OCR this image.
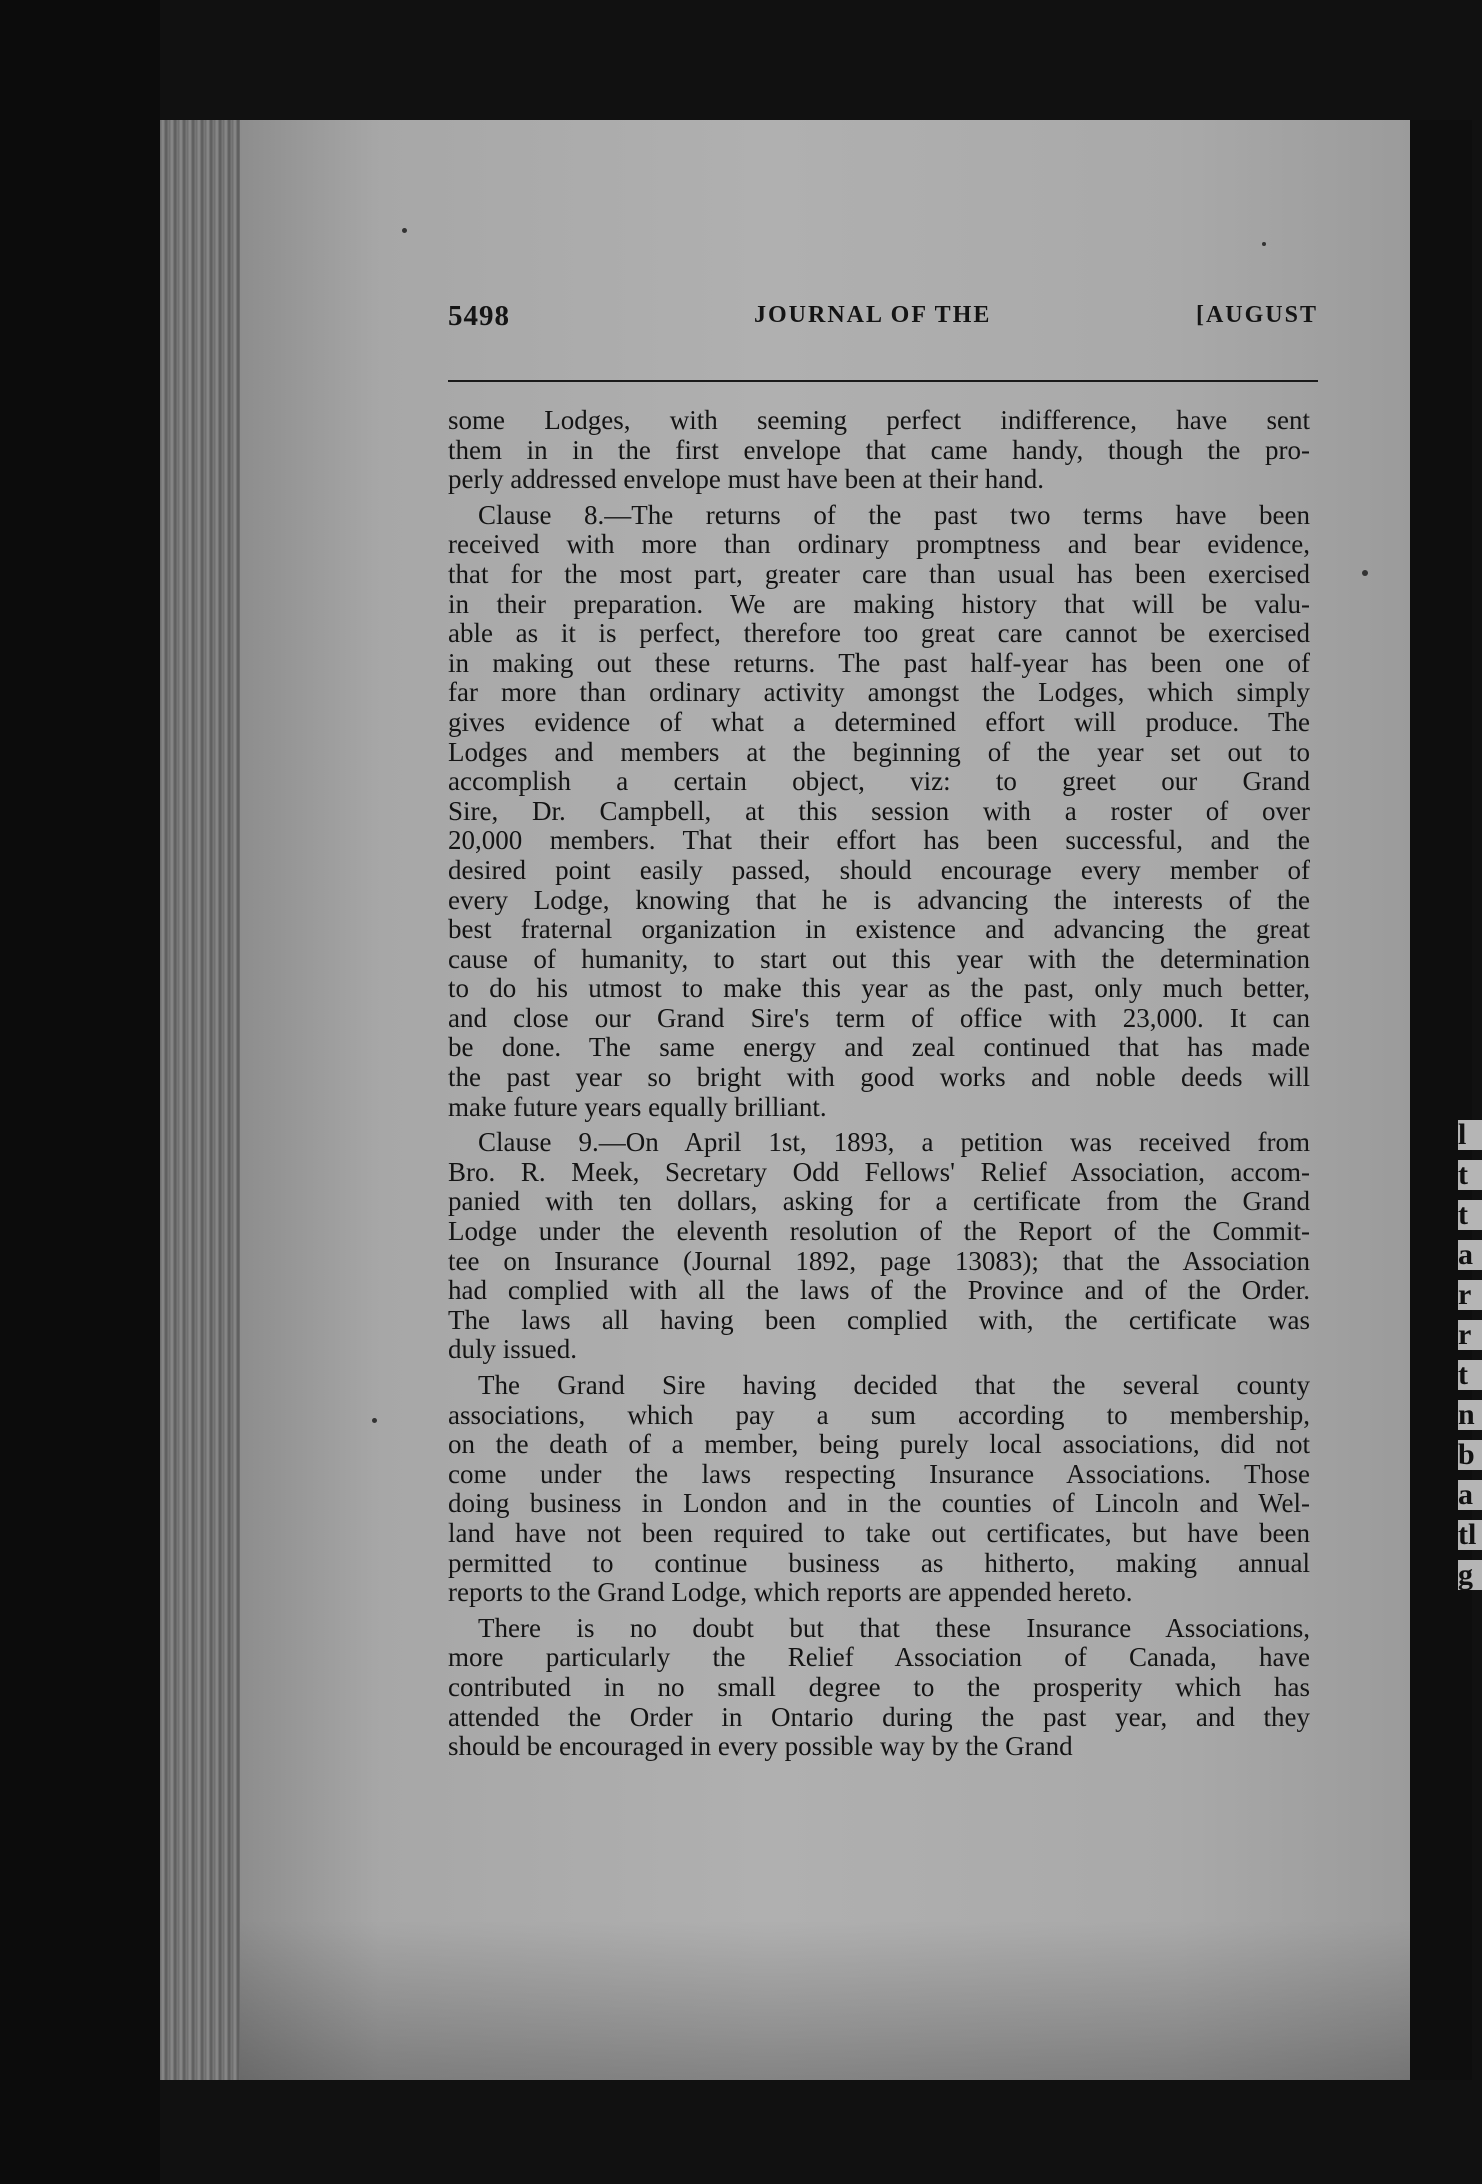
l
t
t
a
r
r
t
n
b
a
tl
g
5498	JOURNAL OF THE	[AUGUST
some Lodges, with seeming perfect indifference, have sent
them in in the first envelope that came handy, though the pro-
perly addressed envelope must have been at their hand.
Clause 8.—The returns of the past two terms have been
received with more than ordinary promptness and bear evidence,
that for the most part, greater care than usual has been exercised
in their preparation. We are making history that will be valu-
able as it is perfect, therefore too great care cannot be exercised
in making out these returns. The past half-year has been one of
far more than ordinary activity amongst the Lodges, which simply
gives evidence of what a determined effort will produce. The
Lodges and members at the beginning of the year set out to
accomplish a certain object, viz: to greet our Grand
Sire, Dr. Campbell, at this session with a roster of over
20,000 members. That their effort has been successful, and the
desired point easily passed, should encourage every member of
every Lodge, knowing that he is advancing the interests of the
best fraternal organization in existence and advancing the great
cause of humanity, to start out this year with the determination
to do his utmost to make this year as the past, only much better,
and close our Grand Sire's term of office with 23,000. It can
be done. The same energy and zeal continued that has made
the past year so bright with good works and noble deeds will
make future years equally brilliant.
Clause 9.—On April 1st, 1893, a petition was received from
Bro. R. Meek, Secretary Odd Fellows' Relief Association, accom-
panied with ten dollars, asking for a certificate from the Grand
Lodge under the eleventh resolution of the Report of the Commit-
tee on Insurance (Journal 1892, page 13083); that the Association
had complied with all the laws of the Province and of the Order.
The laws all having been complied with, the certificate was
duly issued.
The Grand Sire having decided that the several county
associations, which pay a sum according to membership,
on the death of a member, being purely local associations, did not
come under the laws respecting Insurance Associations. Those
doing business in London and in the counties of Lincoln and Wel-
land have not been required to take out certificates, but have been
permitted to continue business as hitherto, making annual
reports to the Grand Lodge, which reports are appended hereto.
There is no doubt but that these Insurance Associations,
more particularly the Relief Association of Canada, have
contributed in no small degree to the prosperity which has
attended the Order in Ontario during the past year, and they
should be encouraged in every possible way by the Grand
